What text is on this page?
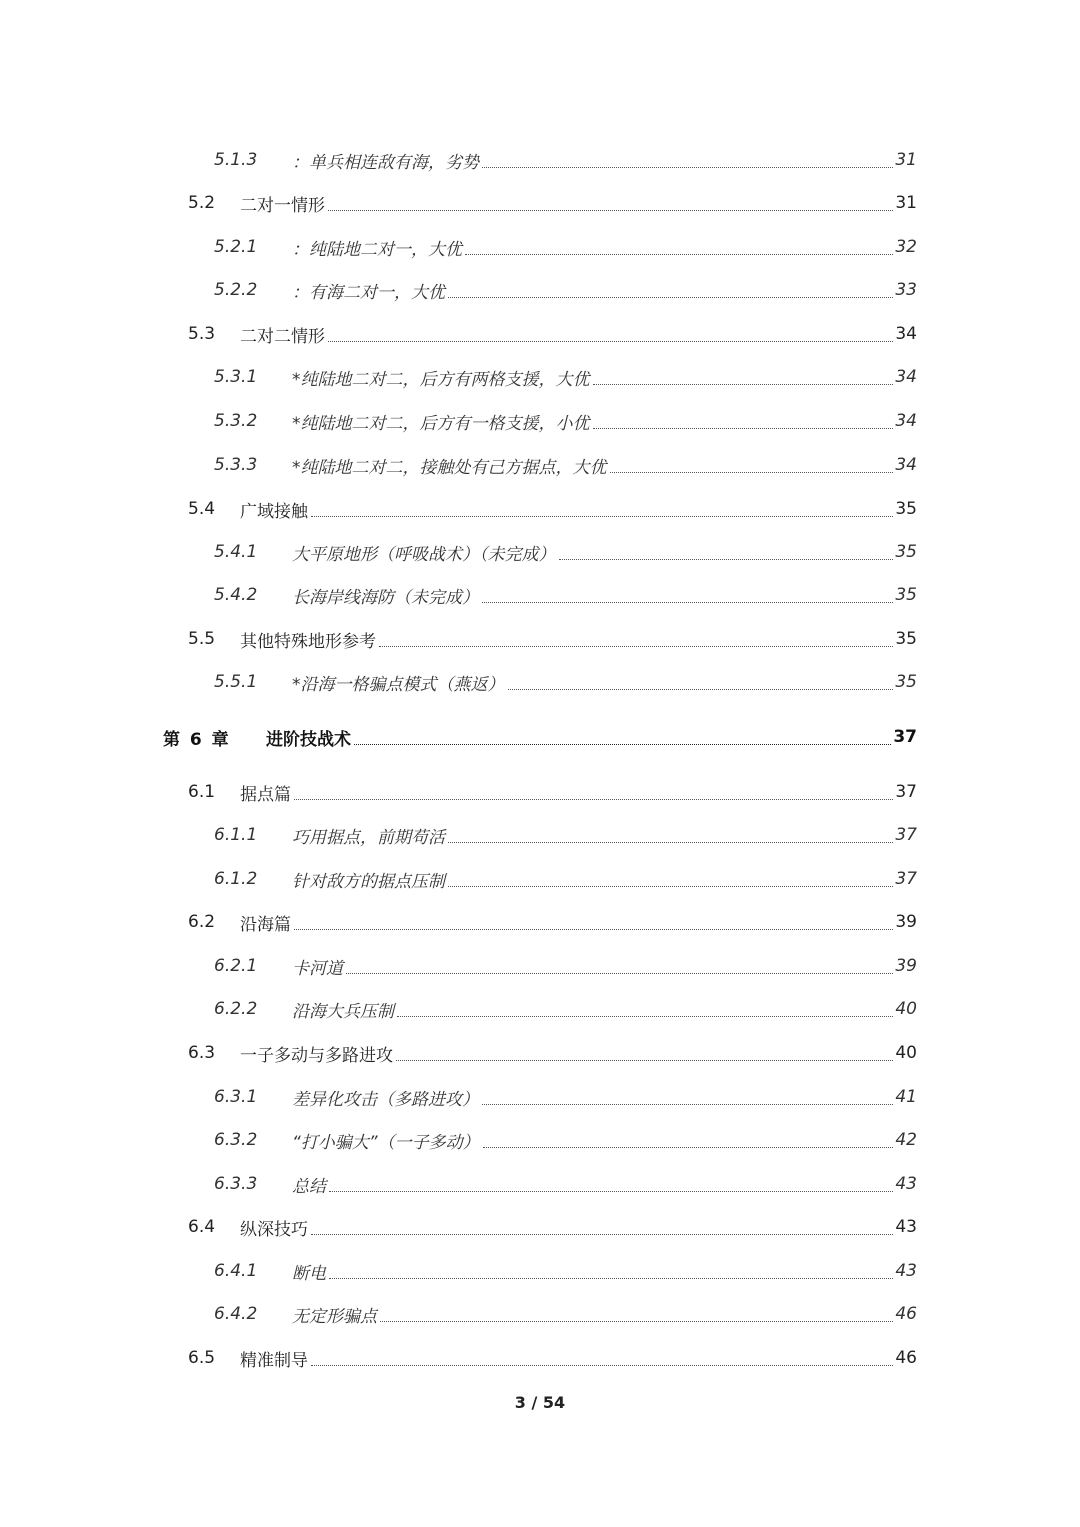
5.1.3	：单兵相连敌有海，劣势	31
5.2	二对一情形	31
5.2.1	：纯陆地二对一，大优	32
5.2.2	：有海二对一，大优	33
5.3	二对二情形	34
5.3.1	*纯陆地二对二，后方有两格支援，大优	34
5.3.2	*纯陆地二对二，后方有一格支援，小优	34
5.3.3	*纯陆地二对二，接触处有己方据点，大优	34
5.4	广域接触	35
5.4.1	大平原地形（呼吸战术）（未完成）	35
5.4.2	长海岸线海防（未完成）	35
5.5	其他特殊地形参考	35
5.5.1	*沿海一格骗点模式（燕返）	35
第 6 章	进阶技战术	37
6.1	据点篇	37
6.1.1	巧用据点，前期苟活	37
6.1.2	针对敌方的据点压制	37
6.2	沿海篇	39
6.2.1	卡河道	39
6.2.2	沿海大兵压制	40
6.3	一子多动与多路进攻	40
6.3.1	差异化攻击（多路进攻）	41
6.3.2	“打小骗大”（一子多动）	42
6.3.3	总结	43
6.4	纵深技巧	43
6.4.1	断电	43
6.4.2	无定形骗点	46
6.5	精准制导	46
3 / 54
